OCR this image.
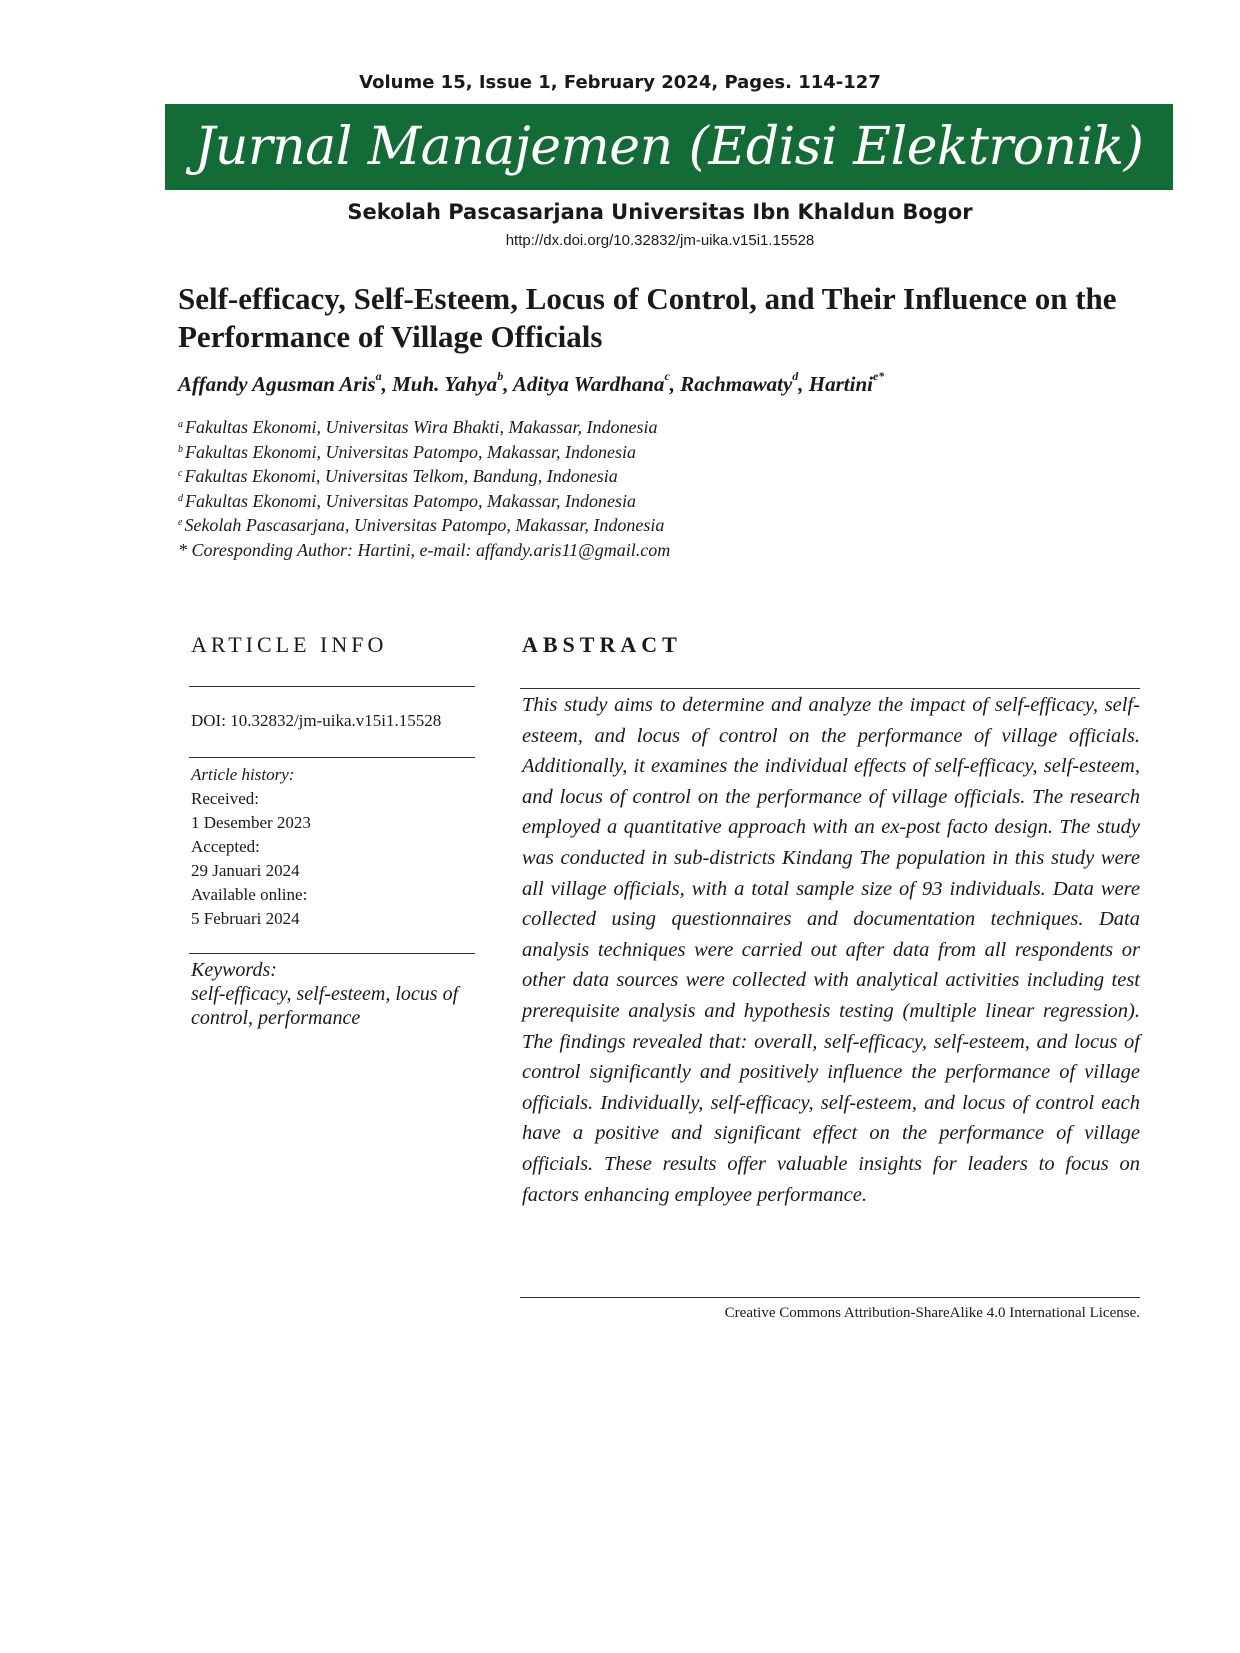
Volume 15, Issue 1, February 2024, Pages. 114-127
Jurnal Manajemen (Edisi Elektronik)
Sekolah Pascasarjana Universitas Ibn Khaldun Bogor
http://dx.doi.org/10.32832/jm-uika.v15i1.15528
Self-efficacy, Self-Esteem, Locus of Control, and Their Influence on the Performance of Village Officials
Affandy Agusman Aris$^a$, Muh. Yahya$^b$, Aditya Wardhana$^c$, Rachmawaty$^d$, Hartini$^{e*}$
$^a$ Fakultas Ekonomi, Universitas Wira Bhakti, Makassar, Indonesia
$^b$ Fakultas Ekonomi, Universitas Patompo, Makassar, Indonesia
$^c$ Fakultas Ekonomi, Universitas Telkom, Bandung, Indonesia
$^d$ Fakultas Ekonomi, Universitas Patompo, Makassar, Indonesia
$^e$ Sekolah Pascasarjana, Universitas Patompo, Makassar, Indonesia
* Coresponding Author: Hartini, e-mail: affandy.aris11@gmail.com
ARTICLE INFO	ABSTRACT
DOI: 10.32832/jm-uika.v15i1.15528
Article history:
Received:
1 Desember 2023
Accepted:
29 Januari 2024
Available online:
5 Februari 2024
Keywords:
self-efficacy, self-esteem, locus of control, performance
This study aims to determine and analyze the impact of self-efficacy, self-esteem, and locus of control on the performance of village officials. Additionally, it examines the individual effects of self-efficacy, self-esteem, and locus of control on the performance of village officials. The research employed a quantitative approach with an ex-post facto design. The study was conducted in sub-districts Kindang The population in this study were all village officials, with a total sample size of 93 individuals. Data were collected using questionnaires and documentation techniques. Data analysis techniques were carried out after data from all respondents or other data sources were collected with analytical activities including test prerequisite analysis and hypothesis testing (multiple linear regression). The findings revealed that: overall, self-efficacy, self-esteem, and locus of control significantly and positively influence the performance of village officials. Individually, self-efficacy, self-esteem, and locus of control each have a positive and significant effect on the performance of village officials. These results offer valuable insights for leaders to focus on factors enhancing employee performance.
Creative Commons Attribution-ShareAlike 4.0 International License.
